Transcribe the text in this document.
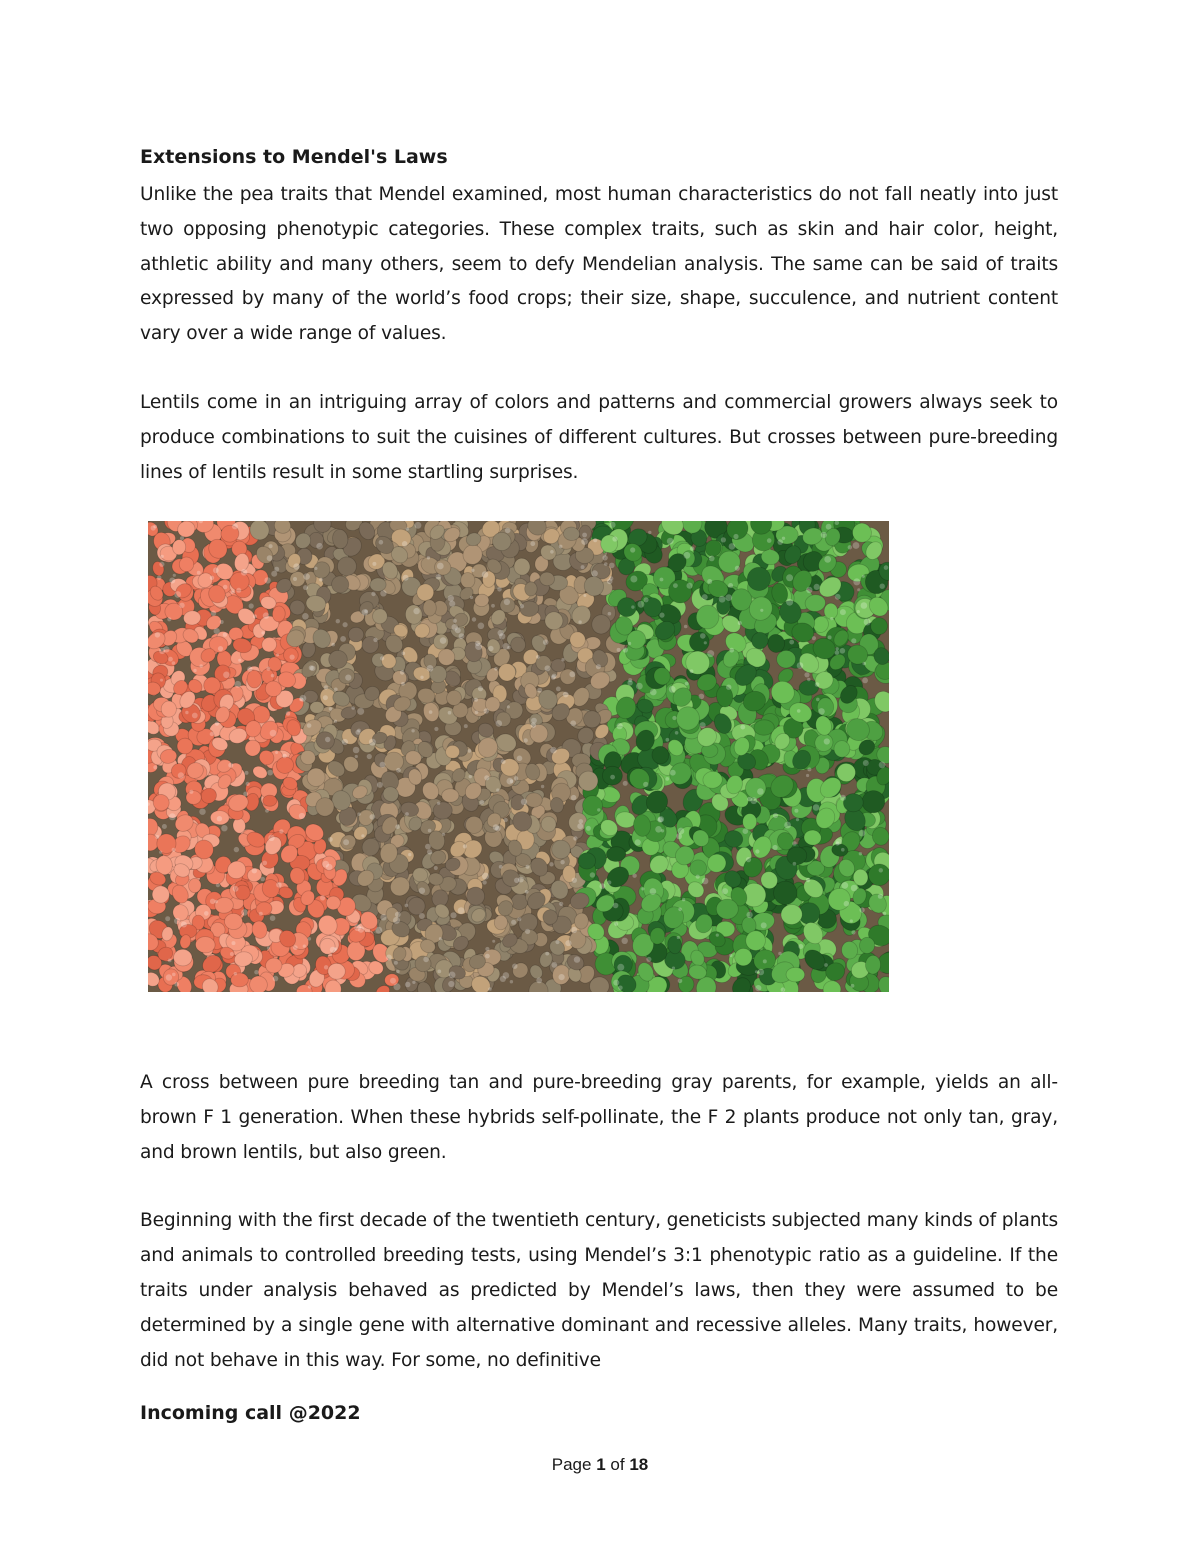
Extensions to Mendel's Laws

Unlike the pea traits that Mendel examined, most human characteristics do not fall neatly into just two opposing phenotypic categories. These complex traits, such as skin and hair color, height, athletic ability and many others, seem to defy Mendelian analysis. The same can be said of traits expressed by many of the world’s food crops; their size, shape, succulence, and nutrient content vary over a wide range of values.

Lentils come in an intriguing array of colors and patterns and commercial growers always seek to produce combinations to suit the cuisines of different cultures. But crosses between pure-breeding lines of lentils result in some startling surprises.

A cross between pure breeding tan and pure-breeding gray parents, for example, yields an all-brown F 1 generation. When these hybrids self-pollinate, the F 2 plants produce not only tan, gray, and brown lentils, but also green.

Beginning with the first decade of the twentieth century, geneticists subjected many kinds of plants and animals to controlled breeding tests, using Mendel’s 3:1 phenotypic ratio as a guideline. If the traits under analysis behaved as predicted by Mendel’s laws, then they were assumed to be determined by a single gene with alternative dominant and recessive alleles. Many traits, however, did not behave in this way. For some, no definitive

Incoming call @2022
Page 1 of 18
